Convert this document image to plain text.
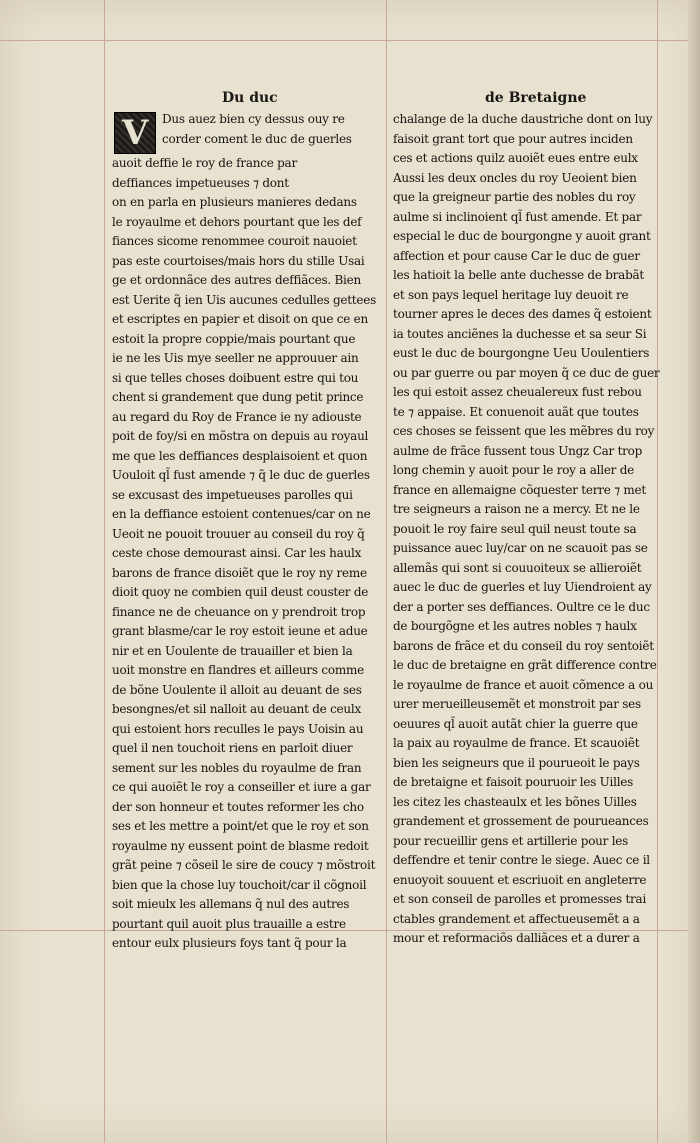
Du duc	de Bretaigne
V	Dus auez bien cy dessus ouy re
corder coment le duc de guerles
auoit deffie le roy de france par
deffiances impetueuses ⁊ dont
on en parla en plusieurs manieres dedans
le royaulme et dehors pourtant que les def
fiances sicome renommee couroit nauoiet
pas este courtoises/mais hors du stille Usai
ge et ordonnãce des autres deffiãces. Bien
est Uerite q̃ ien Uis aucunes cedulles gettees
et escriptes en papier et disoit on que ce en
estoit la propre coppie/mais pourtant que
ie ne les Uis mye seeller ne approuuer ain
si que telles choses doibuent estre qui tou
chent si grandement que dung petit prince
au regard du Roy de France ie ny adiouste
poit de foy/si en mõstra on depuis au royaul
me que les deffiances desplaisoient et quon
Uouloit ql̃ fust amende ⁊ q̃ le duc de guerles
se excusast des impetueuses parolles qui
en la deffiance estoient contenues/car on ne
Ueoit ne pouoit trouuer au conseil du roy q̃
ceste chose demourast ainsi. Car les haulx
barons de france disoiẽt que le roy ny reme
dioit quoy ne combien quil deust couster de
finance ne de cheuance on y prendroit trop
grant blasme/car le roy estoit ieune et adue
nir et en Uoulente de trauailler et bien la
uoit monstre en flandres et ailleurs comme
de bõne Uoulente il alloit au deuant de ses
besongnes/et sil nalloit au deuant de ceulx
qui estoient hors reculles le pays Uoisin au
quel il nen touchoit riens en parloit diuer
sement sur les nobles du royaulme de fran
ce qui auoiẽt le roy a conseiller et iure a gar
der son honneur et toutes reformer les cho
ses et les mettre a point/et que le roy et son
royaulme ny eussent point de blasme redoit
grãt peine ⁊ cõseil le sire de coucy ⁊ mõstroit
bien que la chose luy touchoit/car il cõgnoil
soit mieulx les allemans q̃ nul des autres
pourtant quil auoit plus trauaille a estre
entour eulx plusieurs foys tant q̃ pour la
chalange de la duche daustriche dont on luy
faisoit grant tort que pour autres inciden
ces et actions quilz auoiẽt eues entre eulx
Aussi les deux oncles du roy Ueoient bien
que la greigneur partie des nobles du roy
aulme si inclinoient ql̃ fust amende. Et par
especial le duc de bourgongne y auoit grant
affection et pour cause Car le duc de guer
les hatioit la belle ante duchesse de brabãt
et son pays lequel heritage luy deuoit re
tourner apres le deces des dames q̃ estoient
ia toutes anciẽnes la duchesse et sa seur Si
eust le duc de bourgongne Ueu Uoulentiers
ou par guerre ou par moyen q̃ ce duc de guer
les qui estoit assez cheualereux fust rebou
te ⁊ appaise. Et conuenoit auãt que toutes
ces choses se feissent que les mẽbres du roy
aulme de frãce fussent tous Ungz Car trop
long chemin y auoit pour le roy a aller de
france en allemaigne cõquester terre ⁊ met
tre seigneurs a raison ne a mercy. Et ne le
pouoit le roy faire seul quil neust toute sa
puissance auec luy/car on ne scauoit pas se
allemãs qui sont si couuoiteux se allieroiẽt
auec le duc de guerles et luy Uiendroient ay
der a porter ses deffiances. Oultre ce le duc
de bourgõgne et les autres nobles ⁊ haulx
barons de frãce et du conseil du roy sentoiẽt
le duc de bretaigne en grãt difference contre
le royaulme de france et auoit cõmence a ou
urer merueilleusemẽt et monstroit par ses
oeuures ql̃ auoit autãt chier la guerre que
la paix au royaulme de france. Et scauoiẽt
bien les seigneurs que il pourueoit le pays
de bretaigne et faisoit pouruoir les Uilles
les citez les chasteaulx et les bõnes Uilles
grandement et grossement de pourueances
pour recueillir gens et artillerie pour les
deffendre et tenir contre le siege. Auec ce il
enuoyoit souuent et escriuoit en angleterre
et son conseil de parolles et promesses trai
ctables grandement et affectueusemẽt a a
mour et reformaciõs dalliãces et a durer a
